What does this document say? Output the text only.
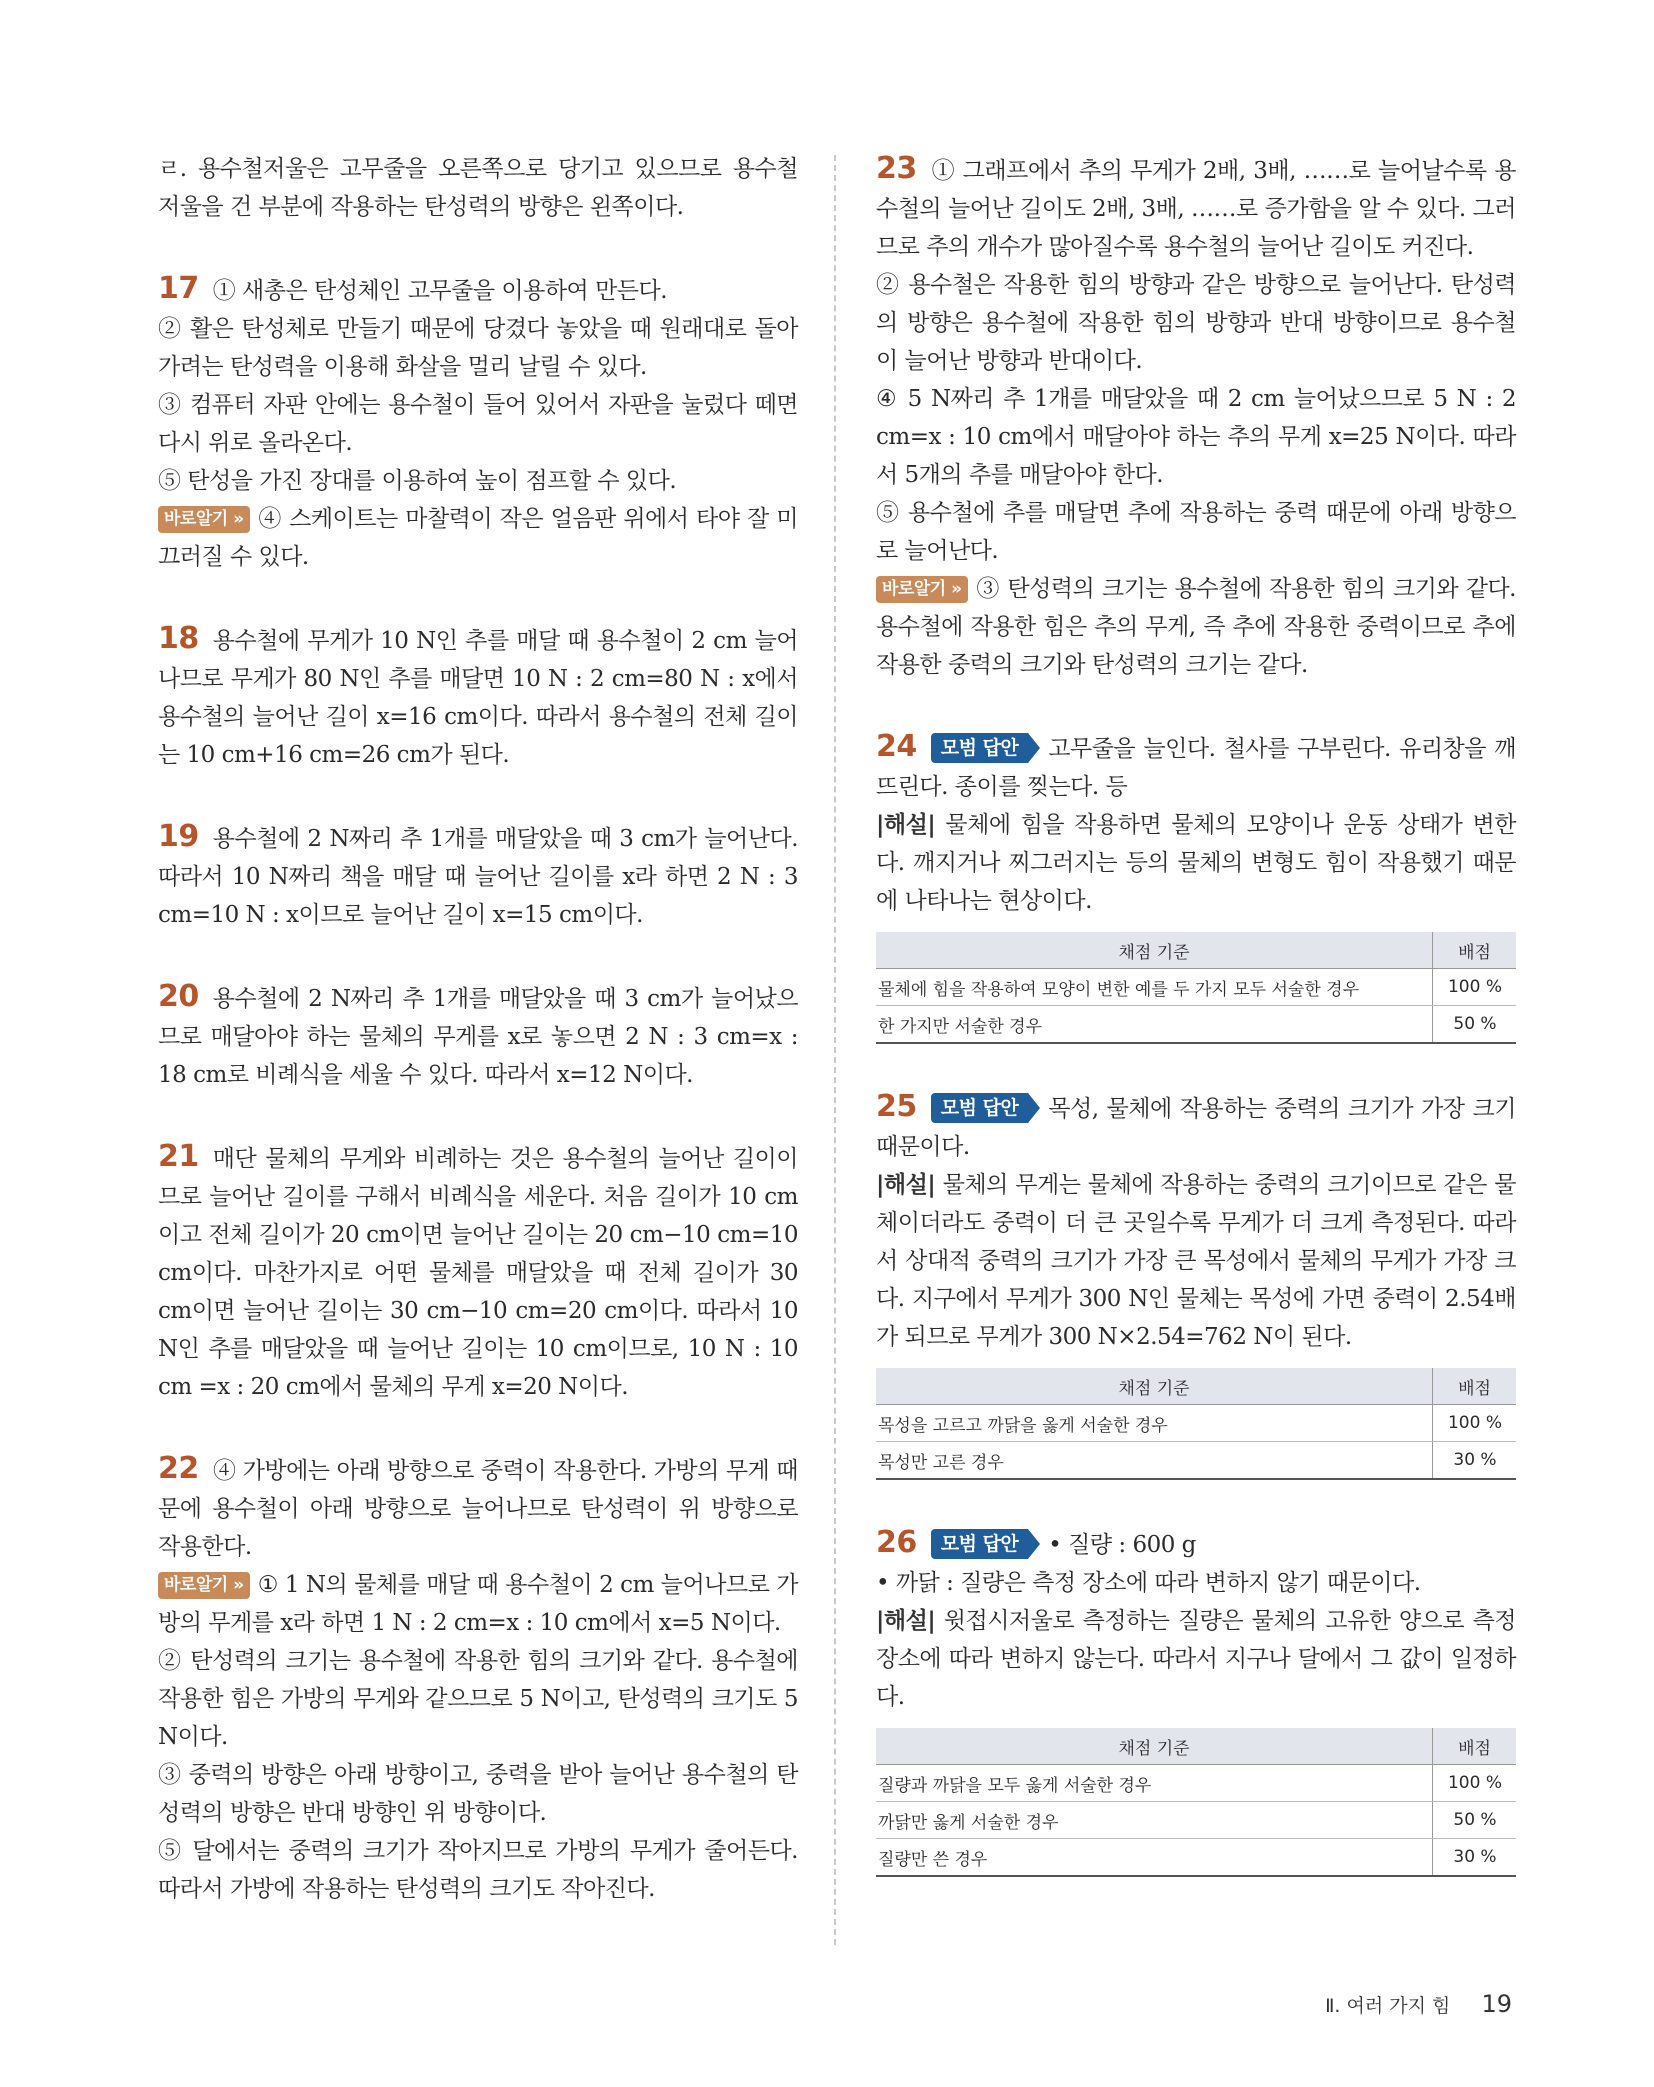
ㄹ. 용수철저울은 고무줄을 오른쪽으로 당기고 있으므로 용수철 저울을 건 부분에 작용하는 탄성력의 방향은 왼쪽이다.

17 ① 새총은 탄성체인 고무줄을 이용하여 만든다.

② 활은 탄성체로 만들기 때문에 당겼다 놓았을 때 원래대로 돌아가려는 탄성력을 이용해 화살을 멀리 날릴 수 있다.

③ 컴퓨터 자판 안에는 용수철이 들어 있어서 자판을 눌렀다 떼면 다시 위로 올라온다.

⑤ 탄성을 가진 장대를 이용하여 높이 점프할 수 있다.

바로알기 » ④ 스케이트는 마찰력이 작은 얼음판 위에서 타야 잘 미끄러질 수 있다.

18 용수철에 무게가 10 N인 추를 매달 때 용수철이 2 cm 늘어나므로 무게가 80 N인 추를 매달면 10 N : 2 cm=80 N : x에서 용수철의 늘어난 길이 x=16 cm이다. 따라서 용수철의 전체 길이는 10 cm+16 cm=26 cm가 된다.

19 용수철에 2 N짜리 추 1개를 매달았을 때 3 cm가 늘어난다. 따라서 10 N짜리 책을 매달 때 늘어난 길이를 x라 하면 2 N : 3 cm=10 N : x이므로 늘어난 길이 x=15 cm이다.

20 용수철에 2 N짜리 추 1개를 매달았을 때 3 cm가 늘어났으므로 매달아야 하는 물체의 무게를 x로 놓으면 2 N : 3 cm=x : 18 cm로 비례식을 세울 수 있다. 따라서 x=12 N이다.

21 매단 물체의 무게와 비례하는 것은 용수철의 늘어난 길이이므로 늘어난 길이를 구해서 비례식을 세운다. 처음 길이가 10 cm이고 전체 길이가 20 cm이면 늘어난 길이는 20 cm−10 cm=10 cm이다. 마찬가지로 어떤 물체를 매달았을 때 전체 길이가 30 cm이면 늘어난 길이는 30 cm−10 cm=20 cm이다. 따라서 10 N인 추를 매달았을 때 늘어난 길이는 10 cm이므로, 10 N : 10 cm =x : 20 cm에서 물체의 무게 x=20 N이다.

22 ④ 가방에는 아래 방향으로 중력이 작용한다. 가방의 무게 때문에 용수철이 아래 방향으로 늘어나므로 탄성력이 위 방향으로 작용한다.

바로알기 » ① 1 N의 물체를 매달 때 용수철이 2 cm 늘어나므로 가방의 무게를 x라 하면 1 N : 2 cm=x : 10 cm에서 x=5 N이다.

② 탄성력의 크기는 용수철에 작용한 힘의 크기와 같다. 용수철에 작용한 힘은 가방의 무게와 같으므로 5 N이고, 탄성력의 크기도 5 N이다.

③ 중력의 방향은 아래 방향이고, 중력을 받아 늘어난 용수철의 탄성력의 방향은 반대 방향인 위 방향이다.

⑤ 달에서는 중력의 크기가 작아지므로 가방의 무게가 줄어든다. 따라서 가방에 작용하는 탄성력의 크기도 작아진다.

23 ① 그래프에서 추의 무게가 2배, 3배, ……로 늘어날수록 용수철의 늘어난 길이도 2배, 3배, ……로 증가함을 알 수 있다. 그러므로 추의 개수가 많아질수록 용수철의 늘어난 길이도 커진다.

② 용수철은 작용한 힘의 방향과 같은 방향으로 늘어난다. 탄성력의 방향은 용수철에 작용한 힘의 방향과 반대 방향이므로 용수철이 늘어난 방향과 반대이다.

④ 5 N짜리 추 1개를 매달았을 때 2 cm 늘어났으므로 5 N : 2 cm=x : 10 cm에서 매달아야 하는 추의 무게 x=25 N이다. 따라서 5개의 추를 매달아야 한다.

⑤ 용수철에 추를 매달면 추에 작용하는 중력 때문에 아래 방향으로 늘어난다.

바로알기 » ③ 탄성력의 크기는 용수철에 작용한 힘의 크기와 같다. 용수철에 작용한 힘은 추의 무게, 즉 추에 작용한 중력이므로 추에 작용한 중력의 크기와 탄성력의 크기는 같다.

24 모범 답안 고무줄을 늘인다. 철사를 구부린다. 유리창을 깨뜨린다. 종이를 찢는다. 등

|해설| 물체에 힘을 작용하면 물체의 모양이나 운동 상태가 변한다. 깨지거나 찌그러지는 등의 물체의 변형도 힘이 작용했기 때문에 나타나는 현상이다.

채점 기준	배점
물체에 힘을 작용하여 모양이 변한 예를 두 가지 모두 서술한 경우	100 %
한 가지만 서술한 경우	50 %

25 모범 답안 목성, 물체에 작용하는 중력의 크기가 가장 크기 때문이다.

|해설| 물체의 무게는 물체에 작용하는 중력의 크기이므로 같은 물체이더라도 중력이 더 큰 곳일수록 무게가 더 크게 측정된다. 따라서 상대적 중력의 크기가 가장 큰 목성에서 물체의 무게가 가장 크다. 지구에서 무게가 300 N인 물체는 목성에 가면 중력이 2.54배가 되므로 무게가 300 N×2.54=762 N이 된다.

채점 기준	배점
목성을 고르고 까닭을 옳게 서술한 경우	100 %
목성만 고른 경우	30 %

26 모범 답안 • 질량 : 600 g

• 까닭 : 질량은 측정 장소에 따라 변하지 않기 때문이다.

|해설| 윗접시저울로 측정하는 질량은 물체의 고유한 양으로 측정 장소에 따라 변하지 않는다. 따라서 지구나 달에서 그 값이 일정하다.

채점 기준	배점
질량과 까닭을 모두 옳게 서술한 경우	100 %
까닭만 옳게 서술한 경우	50 %
질량만 쓴 경우	30 %
Ⅱ. 여러 가지 힘 19
